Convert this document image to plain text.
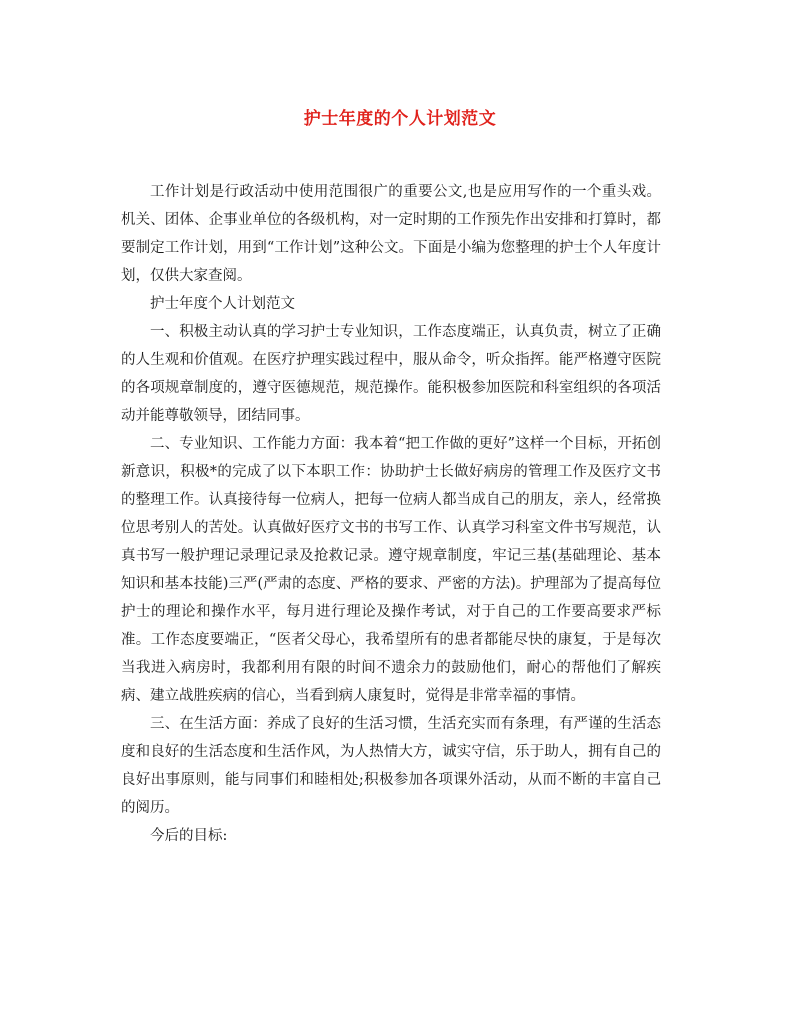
护士年度的个人计划范文

工作计划是行政活动中使用范围很广的重要公文,也是应用写作的一个重头戏。机关、团体、企事业单位的各级机构，对一定时期的工作预先作出安排和打算时，都要制定工作计划，用到“工作计划”这种公文。下面是小编为您整理的护士个人年度计划，仅供大家查阅。

护士年度个人计划范文

一、积极主动认真的学习护士专业知识，工作态度端正，认真负责，树立了正确的人生观和价值观。在医疗护理实践过程中，服从命令，听众指挥。能严格遵守医院的各项规章制度的，遵守医德规范，规范操作。能积极参加医院和科室组织的各项活动并能尊敬领导，团结同事。

二、专业知识、工作能力方面：我本着“把工作做的更好”这样一个目标，开拓创新意识，积极*的完成了以下本职工作：协助护士长做好病房的管理工作及医疗文书的整理工作。认真接待每一位病人，把每一位病人都当成自己的朋友，亲人，经常换位思考别人的苦处。认真做好医疗文书的书写工作、认真学习科室文件书写规范，认真书写一般护理记录理记录及抢救记录。遵守规章制度，牢记三基(基础理论、基本知识和基本技能)三严(严肃的态度、严格的要求、严密的方法)。护理部为了提高每位护士的理论和操作水平，每月进行理论及操作考试，对于自己的工作要高要求严标准。工作态度要端正，“医者父母心，我希望所有的患者都能尽快的康复，于是每次当我进入病房时，我都利用有限的时间不遗余力的鼓励他们，耐心的帮他们了解疾病、建立战胜疾病的信心，当看到病人康复时，觉得是非常幸福的事情。

三、在生活方面：养成了良好的生活习惯，生活充实而有条理，有严谨的生活态度和良好的生活态度和生活作风，为人热情大方，诚实守信，乐于助人，拥有自己的良好出事原则，能与同事们和睦相处;积极参加各项课外活动，从而不断的丰富自己的阅历。

今后的目标:
